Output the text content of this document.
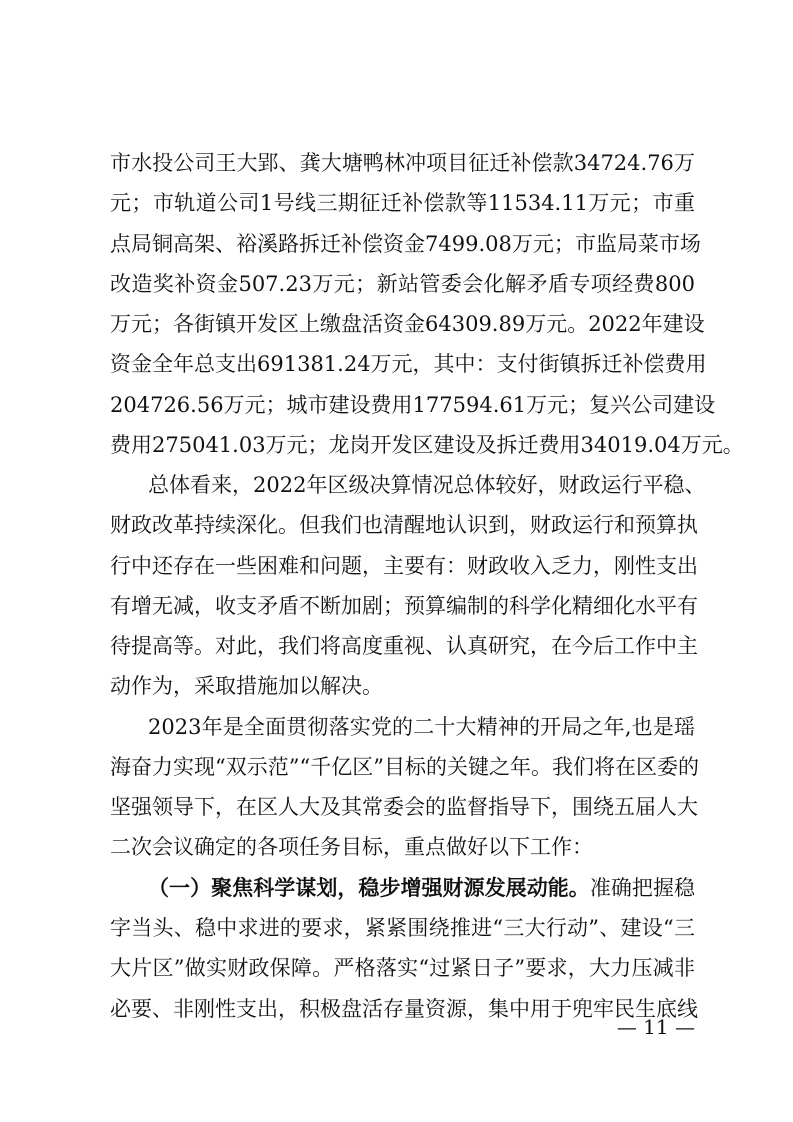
市水投公司王大郢、龚大塘鸭林冲项目征迁补偿款34724.76万
元；市轨道公司1号线三期征迁补偿款等11534.11万元；市重
点局铜高架、裕溪路拆迁补偿资金7499.08万元；市监局菜市场
改造奖补资金507.23万元；新站管委会化解矛盾专项经费800
万元；各街镇开发区上缴盘活资金64309.89万元。2022年建设
资金全年总支出691381.24万元，其中：支付街镇拆迁补偿费用
204726.56万元；城市建设费用177594.61万元；复兴公司建设
费用275041.03万元；龙岗开发区建设及拆迁费用34019.04万元。
总体看来，2022年区级决算情况总体较好，财政运行平稳、
财政改革持续深化。但我们也清醒地认识到，财政运行和预算执
行中还存在一些困难和问题，主要有：财政收入乏力，刚性支出
有增无减，收支矛盾不断加剧；预算编制的科学化精细化水平有
待提高等。对此，我们将高度重视、认真研究，在今后工作中主
动作为，采取措施加以解决。
2023年是全面贯彻落实党的二十大精神的开局之年,也是瑶
海奋力实现“双示范”“千亿区”目标的关键之年。我们将在区委的
坚强领导下，在区人大及其常委会的监督指导下，围绕五届人大
二次会议确定的各项任务目标，重点做好以下工作：
（一）聚焦科学谋划，稳步增强财源发展动能。准确把握稳
字当头、稳中求进的要求，紧紧围绕推进“三大行动”、建设“三
大片区”做实财政保障。严格落实“过紧日子”要求，大力压减非
必要、非刚性支出，积极盘活存量资源，集中用于兜牢民生底线
— 11 —
